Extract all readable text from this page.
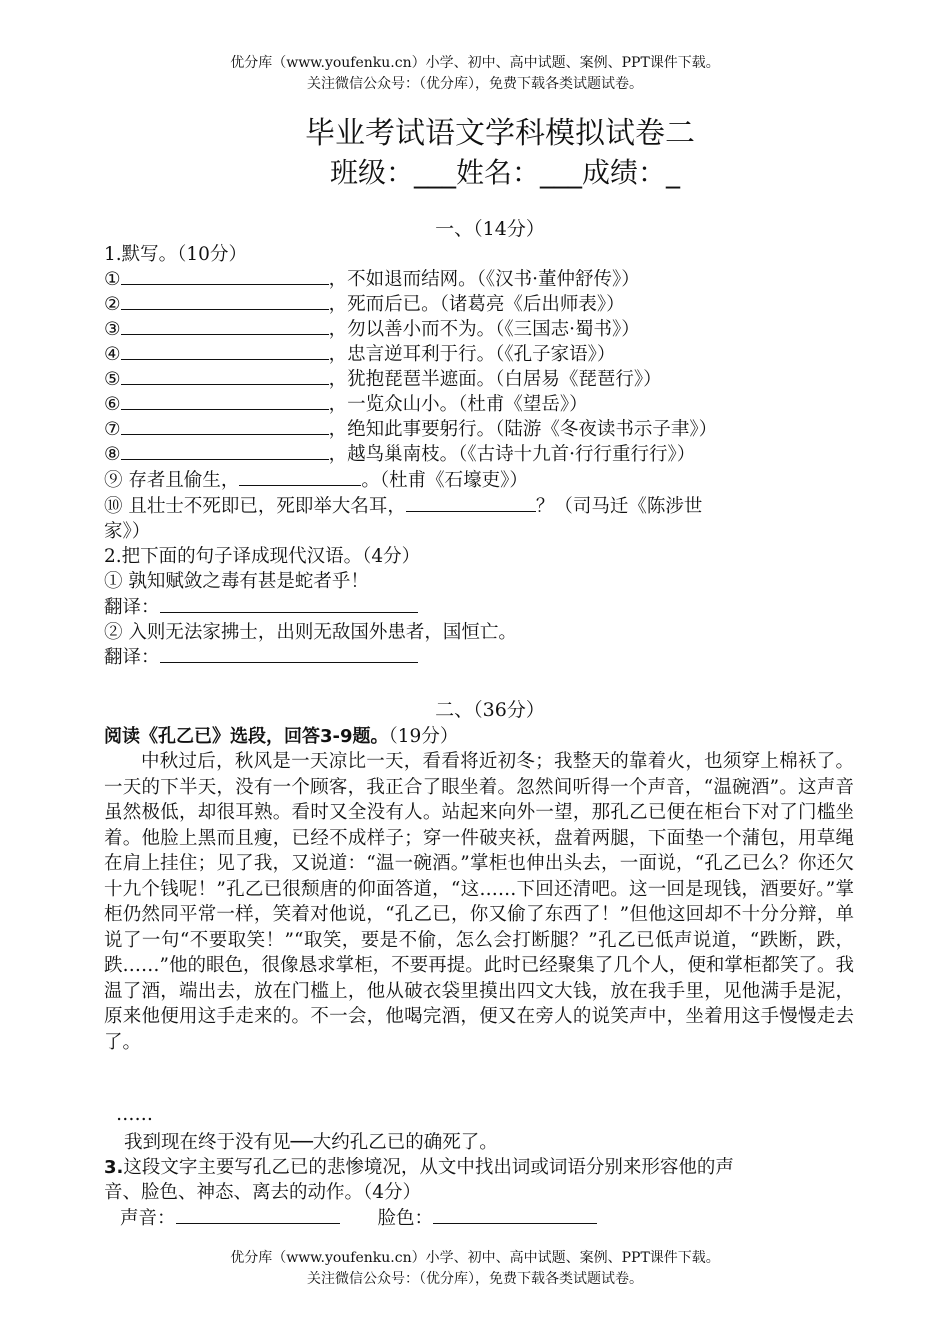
优分库（www.youfenku.cn）小学、初中、高中试题、案例、PPT课件下载。
关注微信公众号：（优分库），免费下载各类试题试卷。
毕业考试语文学科模拟试卷二
班级：___姓名：___成绩：_
一、（14分）
1.默写。（10分）
①	，不如退而结网。（《汉书·董仲舒传》）
②	，死而后已。（诸葛亮《后出师表》）
③	，勿以善小而不为。（《三国志·蜀书》）
④	，忠言逆耳利于行。（《孔子家语》）
⑤	，犹抱琵琶半遮面。（白居易《琵琶行》）
⑥	，一览众山小。（杜甫《望岳》）
⑦	，绝知此事要躬行。（陆游《冬夜读书示子聿》）
⑧	，越鸟巢南枝。（《古诗十九首·行行重行行》）
⑨ 存者且偷生，	。（杜甫《石壕吏》）
⑩ 且壮士不死即已，死即举大名耳，	？（司马迁《陈涉世
家》）
2.把下面的句子译成现代汉语。（4分）
① 孰知赋敛之毒有甚是蛇者乎！
翻译：
② 入则无法家拂士，出则无敌国外患者，国恒亡。
翻译：
二、（36分）
阅读《孔乙已》选段，回答3-9题。（19分）
中秋过后，秋风是一天凉比一天，看看将近初冬；我整天的靠着火，也须穿上棉袄了。一天的下半天，没有一个顾客，我正合了眼坐着。忽然间听得一个声音，“温碗酒”。这声音虽然极低，却很耳熟。看时又全没有人。站起来向外一望，那孔乙已便在柜台下对了门槛坐着。他脸上黑而且瘦，已经不成样子；穿一件破夹袄，盘着两腿，下面垫一个蒲包，用草绳在肩上挂住；见了我，又说道：“温一碗酒。”掌柜也伸出头去，一面说，“孔乙已么？你还欠十九个钱呢！”孔乙已很颓唐的仰面答道，“这……下回还清吧。这一回是现钱，酒要好。”掌柜仍然同平常一样，笑着对他说，“孔乙已，你又偷了东西了！”但他这回却不十分分辩，单说了一句“不要取笑！”“取笑，要是不偷，怎么会打断腿？”孔乙已低声说道，“跌断，跌，跌……”他的眼色，很像恳求掌柜，不要再提。此时已经聚集了几个人，便和掌柜都笑了。我温了酒，端出去，放在门槛上，他从破衣袋里摸出四文大钱，放在我手里，见他满手是泥，原来他便用这手走来的。不一会，他喝完酒，便又在旁人的说笑声中，坐着用这手慢慢走去了。
……
我到现在终于没有见──大约孔乙已的确死了。
3.这段文字主要写孔乙已的悲惨境况，从文中找出词或词语分别来形容他的声
音、脸色、神态、离去的动作。（4分）
声音：	脸色：
优分库（www.youfenku.cn）小学、初中、高中试题、案例、PPT课件下载。
关注微信公众号：（优分库），免费下载各类试题试卷。
